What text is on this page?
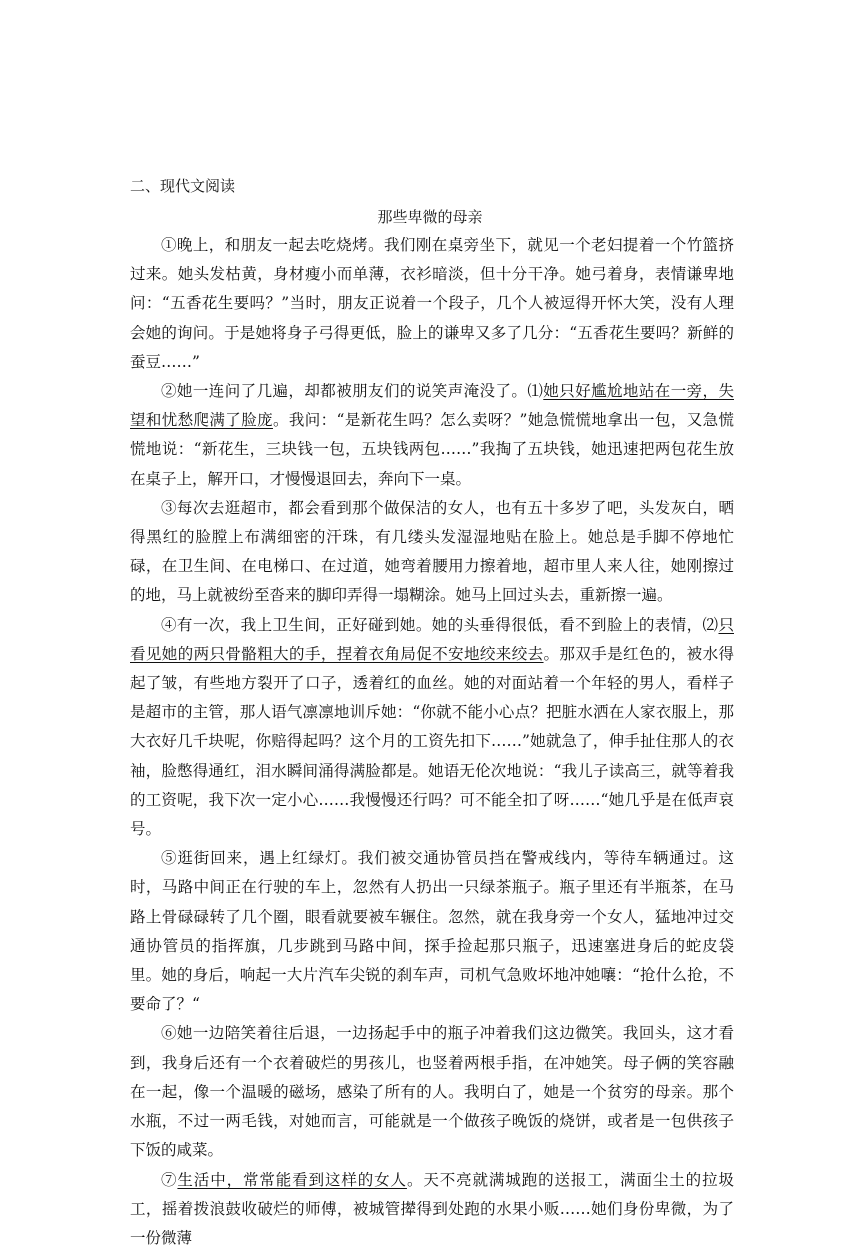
二、现代文阅读
那些卑微的母亲

①晚上，和朋友一起去吃烧烤。我们刚在桌旁坐下，就见一个老妇提着一个竹篮挤过来。她头发枯黄，身材瘦小而单薄，衣衫暗淡，但十分干净。她弓着身，表情谦卑地问：“五香花生要吗？”当时，朋友正说着一个段子，几个人被逗得开怀大笑，没有人理会她的询问。于是她将身子弓得更低，脸上的谦卑又多了几分：“五香花生要吗？新鲜的蚕豆……”

②她一连问了几遍，却都被朋友们的说笑声淹没了。⑴她只好尴尬地站在一旁，失望和忧愁爬满了脸庞。我问：“是新花生吗？怎么卖呀？”她急慌慌地拿出一包，又急慌慌地说：“新花生，三块钱一包，五块钱两包……”我掏了五块钱，她迅速把两包花生放在桌子上，解开口，才慢慢退回去，奔向下一桌。

③每次去逛超市，都会看到那个做保洁的女人，也有五十多岁了吧，头发灰白，晒得黑红的脸膛上布满细密的汗珠，有几缕头发湿湿地贴在脸上。她总是手脚不停地忙碌，在卫生间、在电梯口、在过道，她弯着腰用力擦着地，超市里人来人往，她刚擦过的地，马上就被纷至沓来的脚印弄得一塌糊涂。她马上回过头去，重新擦一遍。

④有一次，我上卫生间，正好碰到她。她的头垂得很低，看不到脸上的表情，⑵只看见她的两只骨骼粗大的手，捏着衣角局促不安地绞来绞去。那双手是红色的，被水得起了皱，有些地方裂开了口子，透着红的血丝。她的对面站着一个年轻的男人，看样子是超市的主管，那人语气凛凛地训斥她：“你就不能小心点？把脏水洒在人家衣服上，那大衣好几千块呢，你赔得起吗？这个月的工资先扣下……”她就急了，伸手扯住那人的衣袖，脸憋得通红，泪水瞬间涌得满脸都是。她语无伦次地说：“我儿子读高三，就等着我的工资呢，我下次一定小心……我慢慢还行吗？可不能全扣了呀……“她几乎是在低声哀号。

⑤逛街回来，遇上红绿灯。我们被交通协管员挡在警戒线内，等待车辆通过。这时，马路中间正在行驶的车上，忽然有人扔出一只绿茶瓶子。瓶子里还有半瓶茶，在马路上骨碌碌转了几个圈，眼看就要被车辗住。忽然，就在我身旁一个女人，猛地冲过交通协管员的指挥旗，几步跳到马路中间，探手捡起那只瓶子，迅速塞进身后的蛇皮袋里。她的身后，响起一大片汽车尖锐的刹车声，司机气急败坏地冲她嚷：“抢什么抢，不要命了？“

⑥她一边陪笑着往后退，一边扬起手中的瓶子冲着我们这边微笑。我回头，这才看到，我身后还有一个衣着破烂的男孩儿，也竖着两根手指，在冲她笑。母子俩的笑容融在一起，像一个温暖的磁场，感染了所有的人。我明白了，她是一个贫穷的母亲。那个水瓶，不过一两毛钱，对她而言，可能就是一个做孩子晚饭的烧饼，或者是一包供孩子下饭的咸菜。

⑦生活中，常常能看到这样的女人。天不亮就满城跑的送报工，满面尘土的拉圾工，摇着拨浪鼓收破烂的师傅，被城管撵得到处跑的水果小贩……她们身份卑微，为了一份微薄
